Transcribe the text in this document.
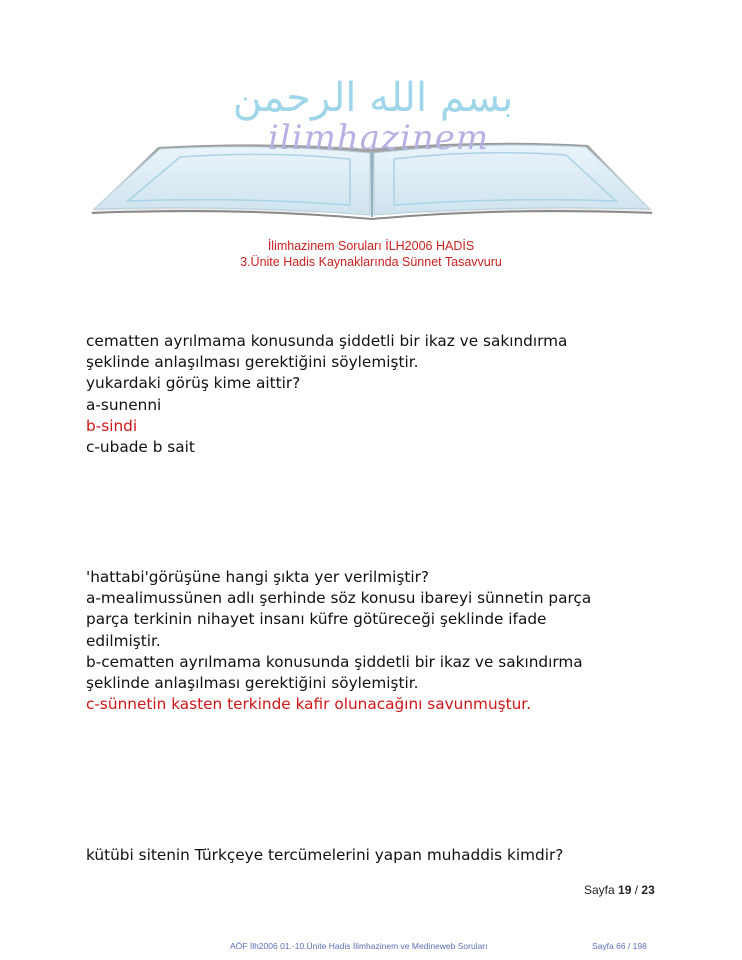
بسم الله الرحمن
ilimhazinem
İlimhazinem Soruları İLH2006 HADİS
3.Ünite Hadis Kaynaklarında Sünnet Tasavvuru
cematten ayrılmama konusunda şiddetli bir ikaz ve sakındırma
şeklinde anlaşılması gerektiğini söylemiştir.
yukardaki görüş kime aittir?
a-sunenni
b-sindi
c-ubade b sait
'hattabi'görüşüne hangi şıkta yer verilmiştir?
a-mealimussünen adlı şerhinde söz konusu ibareyi sünnetin parça
parça terkinin nihayet insanı küfre götüreceği şeklinde ifade
edilmiştir.
b-cematten ayrılmama konusunda şiddetli bir ikaz ve sakındırma
şeklinde anlaşılması gerektiğini söylemiştir.
c-sünnetin kasten terkinde kafir olunacağını savunmuştur.
kütübi sitenin Türkçeye tercümelerini yapan muhaddis kimdir?
Sayfa 19 / 23
AÖF İlh2006 01.-10.Ünite Hadis İlimhazinem ve Medineweb Soruları	Sayfa 66 / 198
